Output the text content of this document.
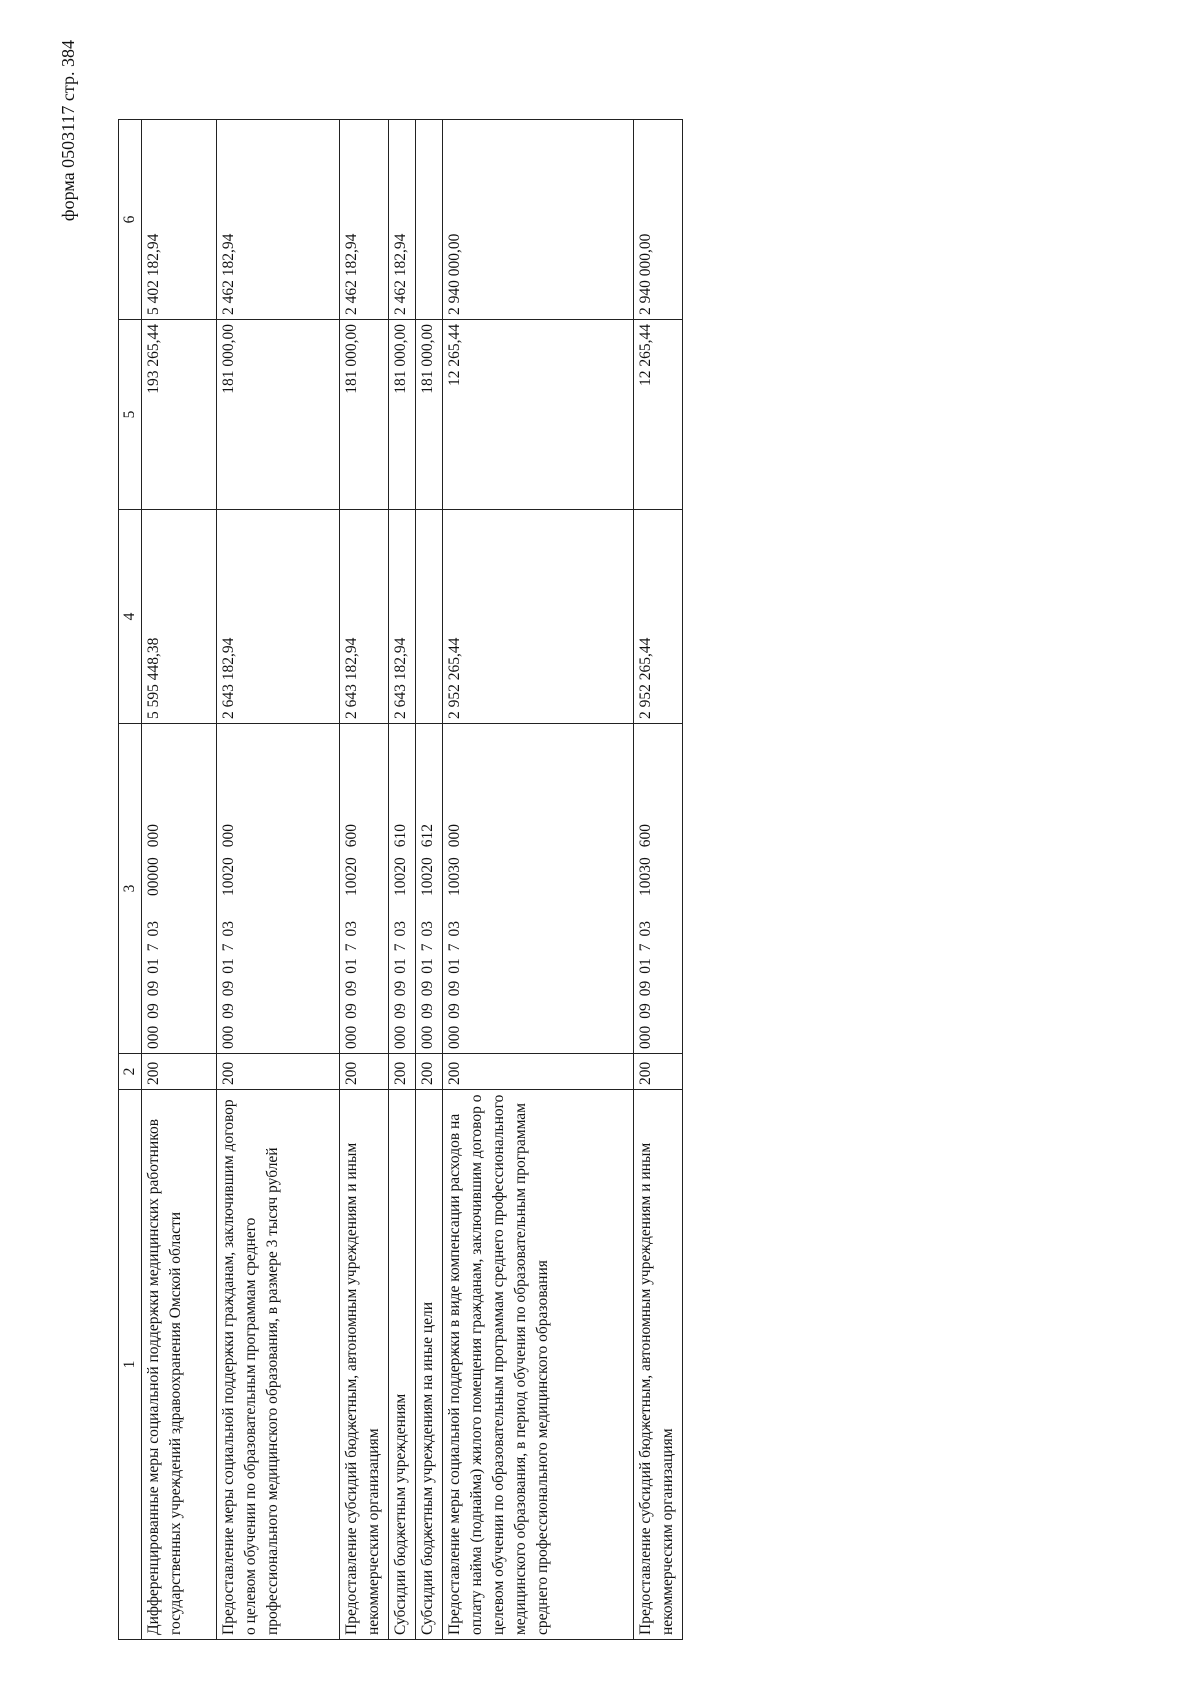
форма 0503117 стр. 384
1	2	3	4	5	6
Дифференцированные меры социальной поддержки медицинских работников государственных учреждений здравоохранения Омской области	200	00009090170300000000	5 595 448,38	193 265,44	5 402 182,94
Предоставление меры социальной поддержки гражданам, заключившим договор о целевом обучении по образовательным программам среднего профессионального медицинского образования, в размере 3 тысяч рублей	200	00009090170310020000	2 643 182,94	181 000,00	2 462 182,94
Предоставление субсидий бюджетным, автономным учреждениям и иным некоммерческим организациям	200	00009090170310020600	2 643 182,94	181 000,00	2 462 182,94
Субсидии бюджетным учреждениям	200	00009090170310020610	2 643 182,94	181 000,00	2 462 182,94
Субсидии бюджетным учреждениям на иные цели	200	00009090170310020612		181 000,00	
Предоставление меры социальной поддержки в виде компенсации расходов на оплату найма (поднайма) жилого помещения гражданам, заключившим договор о целевом обучении по образовательным программам среднего профессионального медицинского образования, в период обучения по образовательным программам среднего профессионального медицинского образования	200	00009090170310030000	2 952 265,44	12 265,44	2 940 000,00
Предоставление субсидий бюджетным, автономным учреждениям и иным некоммерческим организациям	200	00009090170310030600	2 952 265,44	12 265,44	2 940 000,00
